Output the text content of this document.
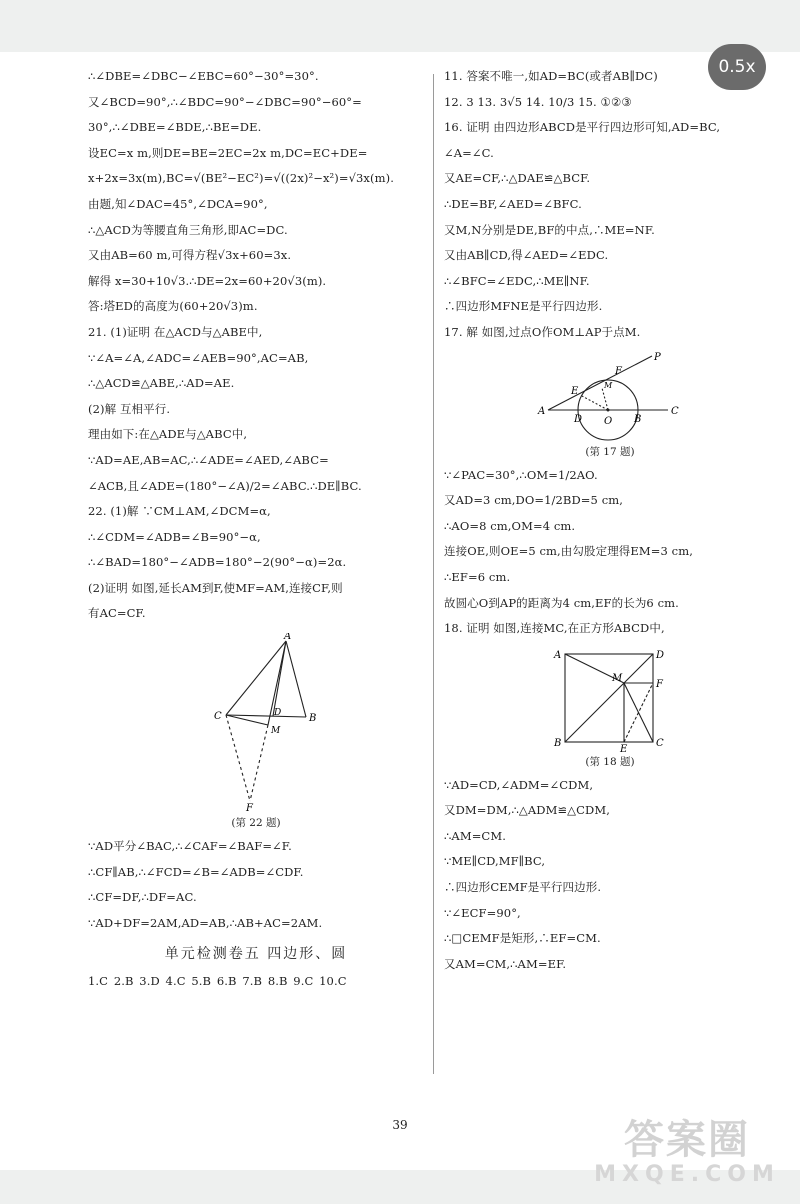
0.5x
∴∠DBE=∠DBC−∠EBC=60°−30°=30°.
又∠BCD=90°,∴∠BDC=90°−∠DBC=90°−60°=
30°,∴∠DBE=∠BDE,∴BE=DE.
设EC=x m,则DE=BE=2EC=2x m,DC=EC+DE=
x+2x=3x(m),BC=√(BE²−EC²)=√((2x)²−x²)=√3x(m).
由题,知∠DAC=45°,∠DCA=90°,
∴△ACD为等腰直角三角形,即AC=DC.
又由AB=60 m,可得方程√3x+60=3x.
解得 x=30+10√3.∴DE=2x=60+20√3(m).
答:塔ED的高度为(60+20√3)m.
21. (1)证明 在△ACD与△ABE中,
∵∠A=∠A,∠ADC=∠AEB=90°,AC=AB,
∴△ACD≌△ABE,∴AD=AE.
(2)解 互相平行.
理由如下:在△ADE与△ABC中,
∵AD=AE,AB=AC,∴∠ADE=∠AED,∠ABC=
∠ACB,且∠ADE=(180°−∠A)/2=∠ABC.∴DE∥BC.
22. (1)解 ∵CM⊥AM,∠DCM=α,
∴∠CDM=∠ADB=∠B=90°−α,
∴∠BAD=180°−∠ADB=180°−2(90°−α)=2α.
(2)证明 如图,延长AM到F,使MF=AM,连接CF,则
有AC=CF.
A
C	D	B
M
F
(第 22 题)
∵AD平分∠BAC,∴∠CAF=∠BAF=∠F.
∴CF∥AB,∴∠FCD=∠B=∠ADB=∠CDF.
∴CF=DF,∴DF=AC.
∵AD+DF=2AM,AD=AB,∴AB+AC=2AM.
单元检测卷五 四边形、圆
1.C 2.B 3.D 4.C 5.B 6.B 7.B 8.B 9.C 10.C
11. 答案不唯一,如AD=BC(或者AB∥DC)
12. 3 13. 3√5 14. 10/3 15. ①②③
16. 证明 由四边形ABCD是平行四边形可知,AD=BC,
∠A=∠C.
又AE=CF,∴△DAE≌△BCF.
∴DE=BF,∠AED=∠BFC.
又M,N分别是DE,BF的中点,∴ME=NF.
又由AB∥CD,得∠AED=∠EDC.
∴∠BFC=∠EDC,∴ME∥NF.
∴四边形MFNE是平行四边形.
17. 解 如图,过点O作OM⊥AP于点M.
P
F
E
M
A
D O B
C
(第 17 题)
∵∠PAC=30°,∴OM=1/2AO.
又AD=3 cm,DO=1/2BD=5 cm,
∴AO=8 cm,OM=4 cm.
连接OE,则OE=5 cm,由勾股定理得EM=3 cm,
∴EF=6 cm.
故圆心O到AP的距离为4 cm,EF的长为6 cm.
18. 证明 如图,连接MC,在正方形ABCD中,
A	D
M
F
B
E
C
(第 18 题)
∵AD=CD,∠ADM=∠CDM,
又DM=DM,∴△ADM≌△CDM,
∴AM=CM.
∵ME∥CD,MF∥BC,
∴四边形CEMF是平行四边形.
∵∠ECF=90°,
∴□CEMF是矩形,∴EF=CM.
又AM=CM,∴AM=EF.
39	答案圈
MXQE.COM
